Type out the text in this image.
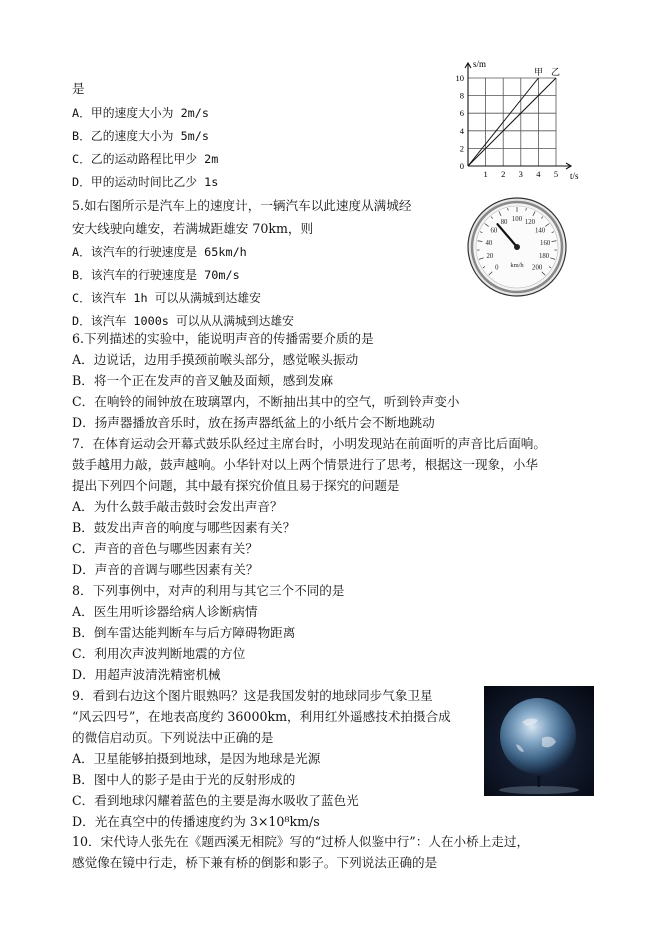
是
A．甲的速度大小为 2m/s
B．乙的速度大小为 5m/s
C．乙的运动路程比甲少 2m
D．甲的运动时间比乙少 1s
s/m
t/s
甲 乙
10
8
6
4
2
0
1 2 3 4 5
5.如右图所示是汽车上的速度计，一辆汽车以此速度从满城经
安大线驶向雄安，若满城距雄安 70km，则
A．该汽车的行驶速度是 65km/h
B．该汽车的行驶速度是 70m/s
C．该汽车 1h 可以从满城到达雄安
D．该汽车 1000s 可以从从满城到达雄安
0
20
40
60
80 100 120
140
160
180
200
km/h
6.下列描述的实验中，能说明声音的传播需要介质的是
A．边说话，边用手摸颈前喉头部分，感觉喉头振动
B．将一个正在发声的音叉触及面颊，感到发麻
C．在响铃的闹钟放在玻璃罩内，不断抽出其中的空气，听到铃声变小
D．扬声器播放音乐时，放在扬声器纸盆上的小纸片会不断地跳动
7．在体育运动会开幕式鼓乐队经过主席台时，小明发现站在前面听的声音比后面响。
鼓手越用力敲，鼓声越响。小华针对以上两个情景进行了思考，根据这一现象，小华
提出下列四个问题，其中最有探究价值且易于探究的问题是
A．为什么鼓手敲击鼓时会发出声音？
B．鼓发出声音的响度与哪些因素有关？
C．声音的音色与哪些因素有关？
D．声音的音调与哪些因素有关？
8．下列事例中，对声的利用与其它三个不同的是
A．医生用听诊器给病人诊断病情
B．倒车雷达能判断车与后方障碍物距离
C．利用次声波判断地震的方位
D．用超声波清洗精密机械
9．看到右边这个图片眼熟吗？这是我国发射的地球同步气象卫星
“风云四号”，在地表高度约 36000km，利用红外遥感技术拍摄合成
的微信启动页。下列说法中正确的是
A．卫星能够拍摄到地球，是因为地球是光源
B．图中人的影子是由于光的反射形成的
C．看到地球闪耀着蓝色的主要是海水吸收了蓝色光
D．光在真空中的传播速度约为 3×10⁸km/s
10．宋代诗人张先在《题西溪无相院》写的“过桥人似鉴中行”：人在小桥上走过，
感觉像在镜中行走，桥下兼有桥的倒影和影子。下列说法正确的是
